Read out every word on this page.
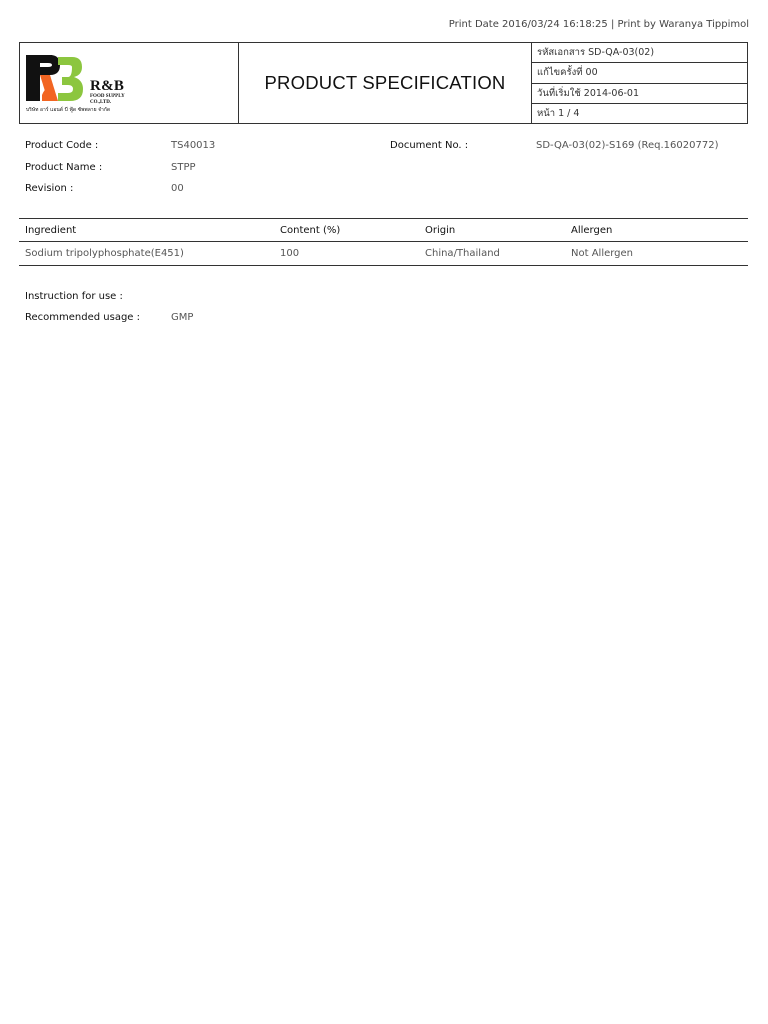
Print Date 2016/03/24 16:18:25 | Print by Waranya Tippimol
R&B
FOOD SUPPLY
CO.,LTD.
บริษัท อาร์ แอนด์ บี ฟู้ด ซัพพลาย จำกัด
PRODUCT SPECIFICATION
รหัสเอกสาร SD-QA-03(02)
แก้ไขครั้งที่ 00
วันที่เริ่มใช้ 2014-06-01
หน้า 1 / 4
Product Code :	TS40013	Document No. :	SD-QA-03(02)-S169 (Req.16020772)
Product Name :	STPP
Revision :	00
Ingredient	Content (%)	Origin	Allergen
Sodium tripolyphosphate(E451)	100	China/Thailand	Not Allergen
Instruction for use :
Recommended usage :	GMP
